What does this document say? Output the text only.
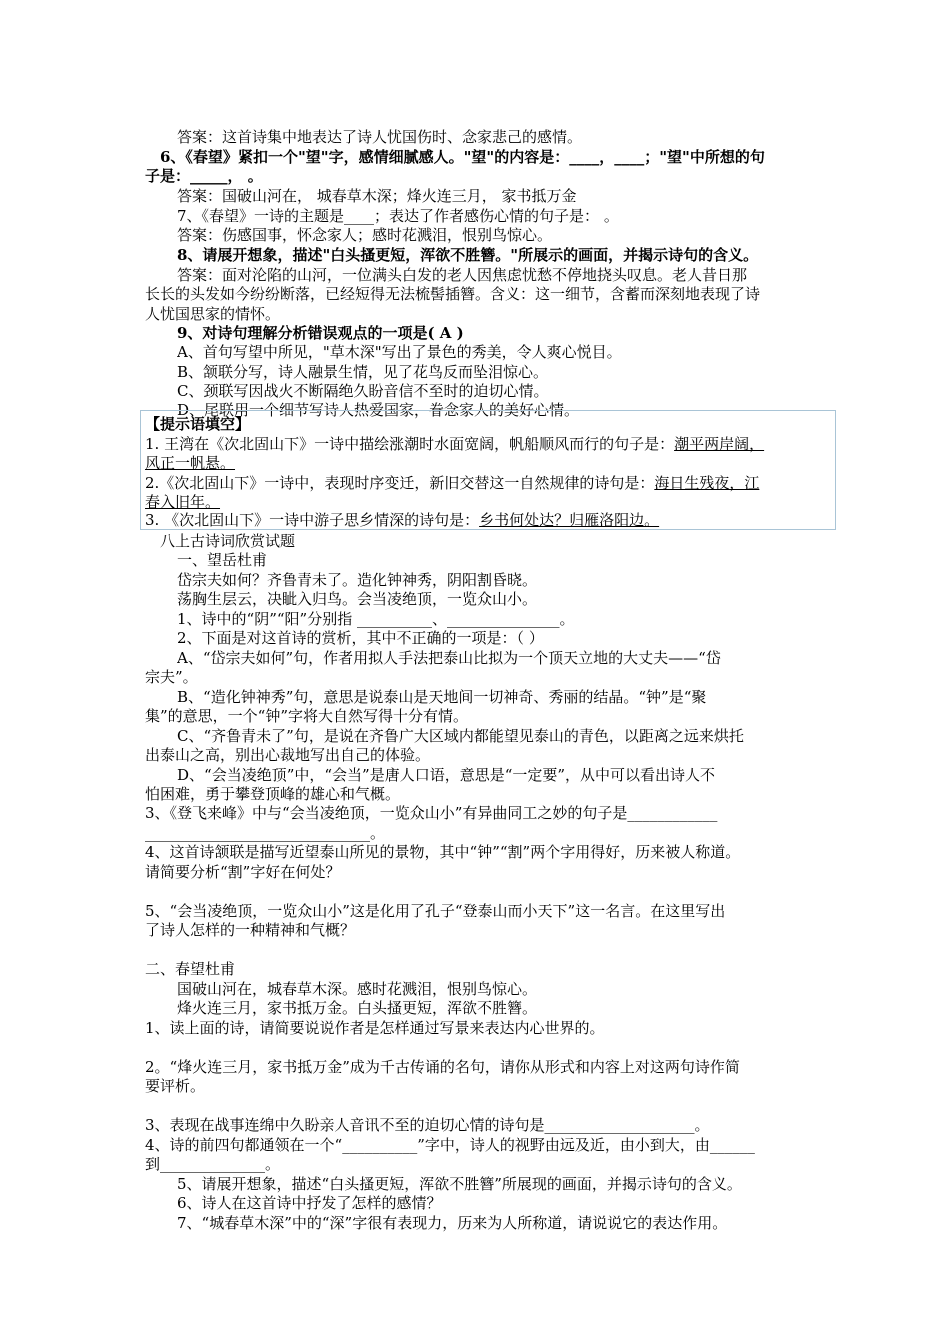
答案：这首诗集中地表达了诗人忧国伤时、念家悲己的感情。
6、《春望》紧扣一个"望"字，感情细腻感人。"望"的内容是：____，____；"望"中所想的句
子是：_____， 。
答案：国破山河在， 城春草木深；烽火连三月， 家书抵万金
7、《春望》一诗的主题是____；表达了作者感伤心情的句子是： 。
答案：伤感国事，怀念家人；感时花溅泪，恨别鸟惊心。
8、请展开想象，描述"白头搔更短，浑欲不胜簪。"所展示的画面，并揭示诗句的含义。
答案：面对沦陷的山河，一位满头白发的老人因焦虑忧愁不停地挠头叹息。老人昔日那
长长的头发如今纷纷断落，已经短得无法梳髻插簪。含义：这一细节，含蓄而深刻地表现了诗
人忧国思家的情怀。
9、对诗句理解分析错误观点的一项是( A )
A、首句写望中所见，"草木深"写出了景色的秀美，令人爽心悦目。
B、颔联分写，诗人融景生情，见了花鸟反而坠泪惊心。
C、颈联写因战火不断隔绝久盼音信不至时的迫切心情。
D、尾联用一个细节写诗人热爱国家，眷念家人的美好心情。
【提示语填空】
1. 王湾在《次北固山下》一诗中描绘涨潮时水面宽阔，帆船顺风而行的句子是：潮平两岸阔，
风正一帆悬。
2.《次北固山下》一诗中，表现时序变迁，新旧交替这一自然规律的诗句是：海日生残夜，江
春入旧年。
3. 《次北固山下》一诗中游子思乡情深的诗句是：乡书何处达？归雁洛阳边。
八上古诗词欣赏试题
一、望岳杜甫
岱宗夫如何？齐鲁青未了。造化钟神秀，阴阳割昏晓。
荡胸生层云，决眦入归鸟。会当凌绝顶，一览众山小。
1、诗中的“阴”“阳”分别指 __________、_______________。
2、下面是对这首诗的赏析，其中不正确的一项是：（ ）
A、“岱宗夫如何”句，作者用拟人手法把泰山比拟为一个顶天立地的大丈夫——“岱
宗夫”。
B、“造化钟神秀”句，意思是说泰山是天地间一切神奇、秀丽的结晶。“钟”是“聚
集”的意思，一个“钟”字将大自然写得十分有情。
C、“齐鲁青未了”句，是说在齐鲁广大区域内都能望见泰山的青色，以距离之远来烘托
出泰山之高，别出心裁地写出自己的体验。
D、“会当凌绝顶”中，“会当”是唐人口语，意思是“一定要”，从中可以看出诗人不
怕困难，勇于攀登顶峰的雄心和气概。
3、《登飞来峰》中与“会当凌绝顶，一览众山小”有异曲同工之妙的句子是____________
______________________________。
4、这首诗颔联是描写近望泰山所见的景物，其中“钟”“割”两个字用得好，历来被人称道。
请简要分析“割”字好在何处？
5、“会当凌绝顶，一览众山小”这是化用了孔子“登泰山而小天下”这一名言。在这里写出
了诗人怎样的一种精神和气概？
二、春望杜甫
国破山河在，城春草木深。感时花溅泪，恨别鸟惊心。
烽火连三月，家书抵万金。白头搔更短，浑欲不胜簪。
1、读上面的诗，请简要说说作者是怎样通过写景来表达内心世界的。
2。“烽火连三月，家书抵万金”成为千古传诵的名句，请你从形式和内容上对这两句诗作简
要评析。
3、表现在战事连绵中久盼亲人音讯不至的迫切心情的诗句是____________________。
4、诗的前四句都通领在一个“__________”字中，诗人的视野由远及近，由小到大，由______
到______________。
5、请展开想象，描述“白头搔更短，浑欲不胜簪”所展现的画面，并揭示诗句的含义。
6、诗人在这首诗中抒发了怎样的感情？
7、“城春草木深”中的“深”字很有表现力，历来为人所称道，请说说它的表达作用。
